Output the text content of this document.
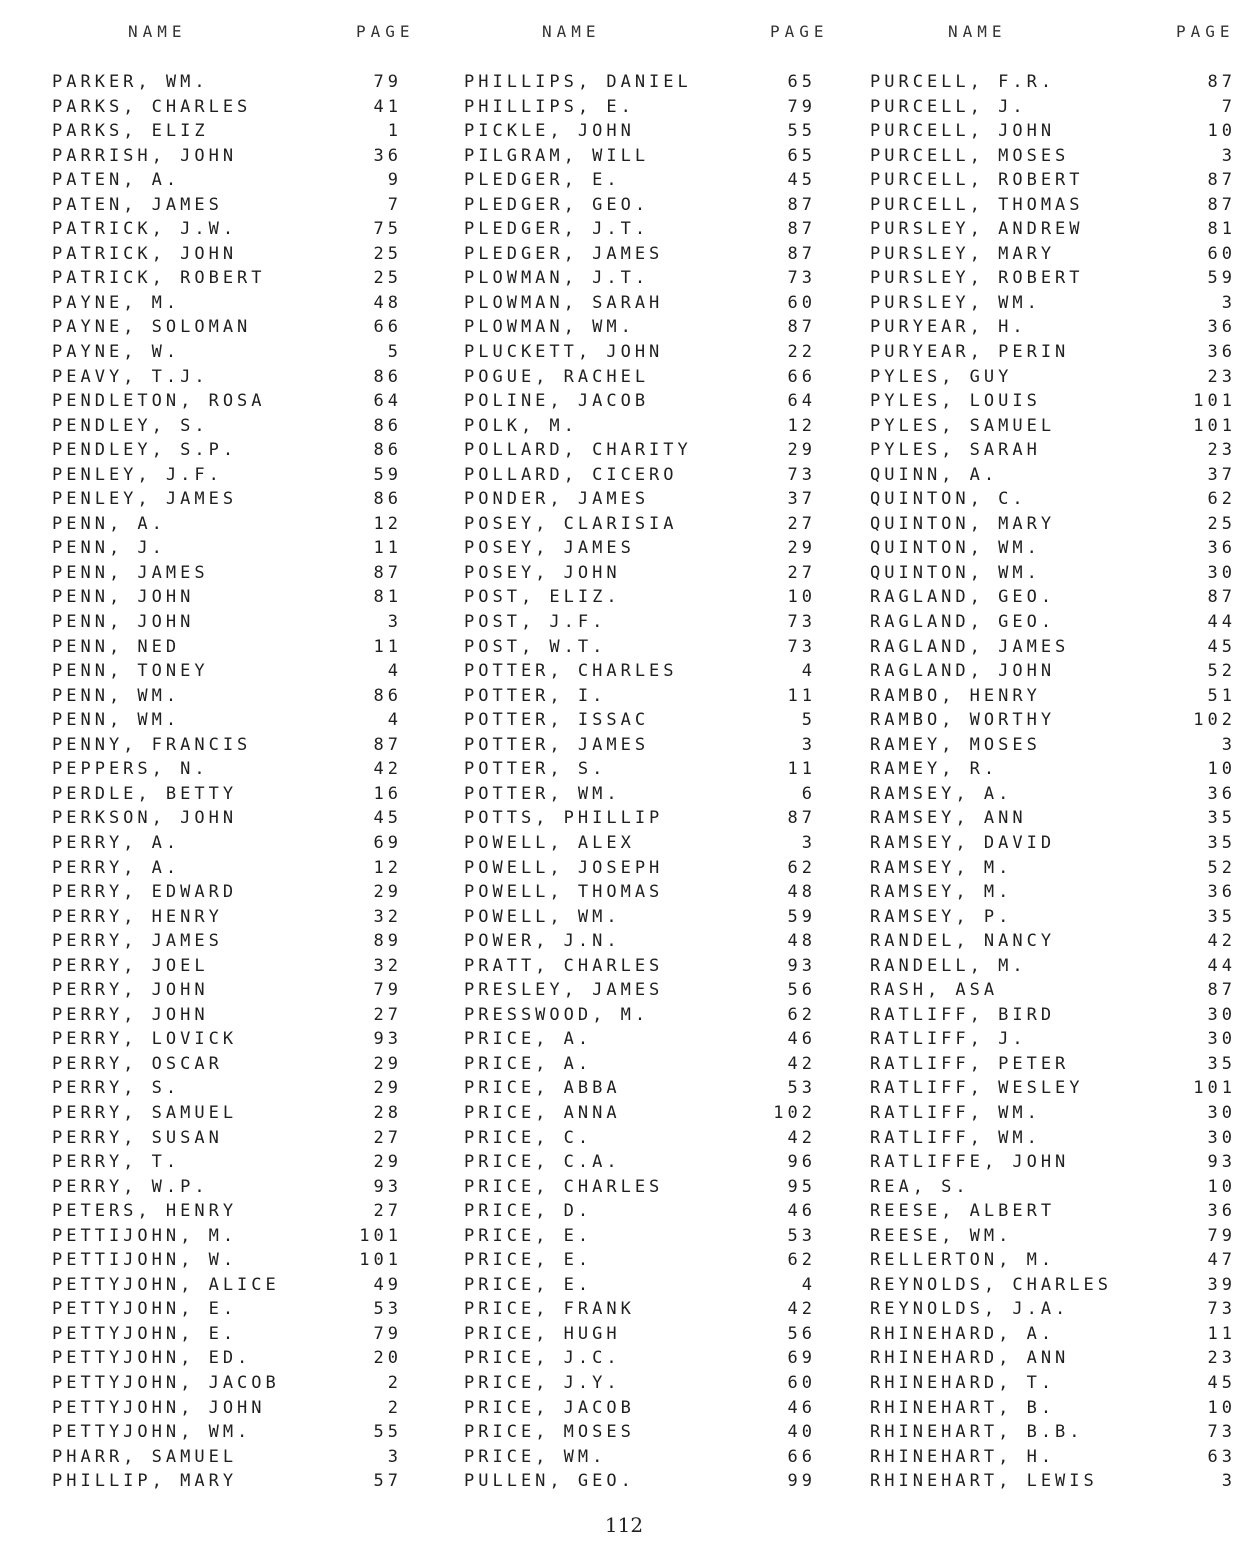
NAME	PAGE
PARKER, WM.	79
PARKS, CHARLES	41
PARKS, ELIZ	1
PARRISH, JOHN	36
PATEN, A.	9
PATEN, JAMES	7
PATRICK, J.W.	75
PATRICK, JOHN	25
PATRICK, ROBERT	25
PAYNE, M.	48
PAYNE, SOLOMAN	66
PAYNE, W.	5
PEAVY, T.J.	86
PENDLETON, ROSA	64
PENDLEY, S.	86
PENDLEY, S.P.	86
PENLEY, J.F.	59
PENLEY, JAMES	86
PENN, A.	12
PENN, J.	11
PENN, JAMES	87
PENN, JOHN	81
PENN, JOHN	3
PENN, NED	11
PENN, TONEY	4
PENN, WM.	86
PENN, WM.	4
PENNY, FRANCIS	87
PEPPERS, N.	42
PERDLE, BETTY	16
PERKSON, JOHN	45
PERRY, A.	69
PERRY, A.	12
PERRY, EDWARD	29
PERRY, HENRY	32
PERRY, JAMES	89
PERRY, JOEL	32
PERRY, JOHN	79
PERRY, JOHN	27
PERRY, LOVICK	93
PERRY, OSCAR	29
PERRY, S.	29
PERRY, SAMUEL	28
PERRY, SUSAN	27
PERRY, T.	29
PERRY, W.P.	93
PETERS, HENRY	27
PETTIJOHN, M.	101
PETTIJOHN, W.	101
PETTYJOHN, ALICE	49
PETTYJOHN, E.	53
PETTYJOHN, E.	79
PETTYJOHN, ED.	20
PETTYJOHN, JACOB	2
PETTYJOHN, JOHN	2
PETTYJOHN, WM.	55
PHARR, SAMUEL	3
PHILLIP, MARY	57
NAME	PAGE
PHILLIPS, DANIEL	65
PHILLIPS, E.	79
PICKLE, JOHN	55
PILGRAM, WILL	65
PLEDGER, E.	45
PLEDGER, GEO.	87
PLEDGER, J.T.	87
PLEDGER, JAMES	87
PLOWMAN, J.T.	73
PLOWMAN, SARAH	60
PLOWMAN, WM.	87
PLUCKETT, JOHN	22
POGUE, RACHEL	66
POLINE, JACOB	64
POLK, M.	12
POLLARD, CHARITY	29
POLLARD, CICERO	73
PONDER, JAMES	37
POSEY, CLARISIA	27
POSEY, JAMES	29
POSEY, JOHN	27
POST, ELIZ.	10
POST, J.F.	73
POST, W.T.	73
POTTER, CHARLES	4
POTTER, I.	11
POTTER, ISSAC	5
POTTER, JAMES	3
POTTER, S.	11
POTTER, WM.	6
POTTS, PHILLIP	87
POWELL, ALEX	3
POWELL, JOSEPH	62
POWELL, THOMAS	48
POWELL, WM.	59
POWER, J.N.	48
PRATT, CHARLES	93
PRESLEY, JAMES	56
PRESSWOOD, M.	62
PRICE, A.	46
PRICE, A.	42
PRICE, ABBA	53
PRICE, ANNA	102
PRICE, C.	42
PRICE, C.A.	96
PRICE, CHARLES	95
PRICE, D.	46
PRICE, E.	53
PRICE, E.	62
PRICE, E.	4
PRICE, FRANK	42
PRICE, HUGH	56
PRICE, J.C.	69
PRICE, J.Y.	60
PRICE, JACOB	46
PRICE, MOSES	40
PRICE, WM.	66
PULLEN, GEO.	99
NAME	PAGE
PURCELL, F.R.	87
PURCELL, J.	7
PURCELL, JOHN	10
PURCELL, MOSES	3
PURCELL, ROBERT	87
PURCELL, THOMAS	87
PURSLEY, ANDREW	81
PURSLEY, MARY	60
PURSLEY, ROBERT	59
PURSLEY, WM.	3
PURYEAR, H.	36
PURYEAR, PERIN	36
PYLES, GUY	23
PYLES, LOUIS	101
PYLES, SAMUEL	101
PYLES, SARAH	23
QUINN, A.	37
QUINTON, C.	62
QUINTON, MARY	25
QUINTON, WM.	36
QUINTON, WM.	30
RAGLAND, GEO.	87
RAGLAND, GEO.	44
RAGLAND, JAMES	45
RAGLAND, JOHN	52
RAMBO, HENRY	51
RAMBO, WORTHY	102
RAMEY, MOSES	3
RAMEY, R.	10
RAMSEY, A.	36
RAMSEY, ANN	35
RAMSEY, DAVID	35
RAMSEY, M.	52
RAMSEY, M.	36
RAMSEY, P.	35
RANDEL, NANCY	42
RANDELL, M.	44
RASH, ASA	87
RATLIFF, BIRD	30
RATLIFF, J.	30
RATLIFF, PETER	35
RATLIFF, WESLEY	101
RATLIFF, WM.	30
RATLIFF, WM.	30
RATLIFFE, JOHN	93
REA, S.	10
REESE, ALBERT	36
REESE, WM.	79
RELLERTON, M.	47
REYNOLDS, CHARLES	39
REYNOLDS, J.A.	73
RHINEHARD, A.	11
RHINEHARD, ANN	23
RHINEHARD, T.	45
RHINEHART, B.	10
RHINEHART, B.B.	73
RHINEHART, H.	63
RHINEHART, LEWIS	3
112
